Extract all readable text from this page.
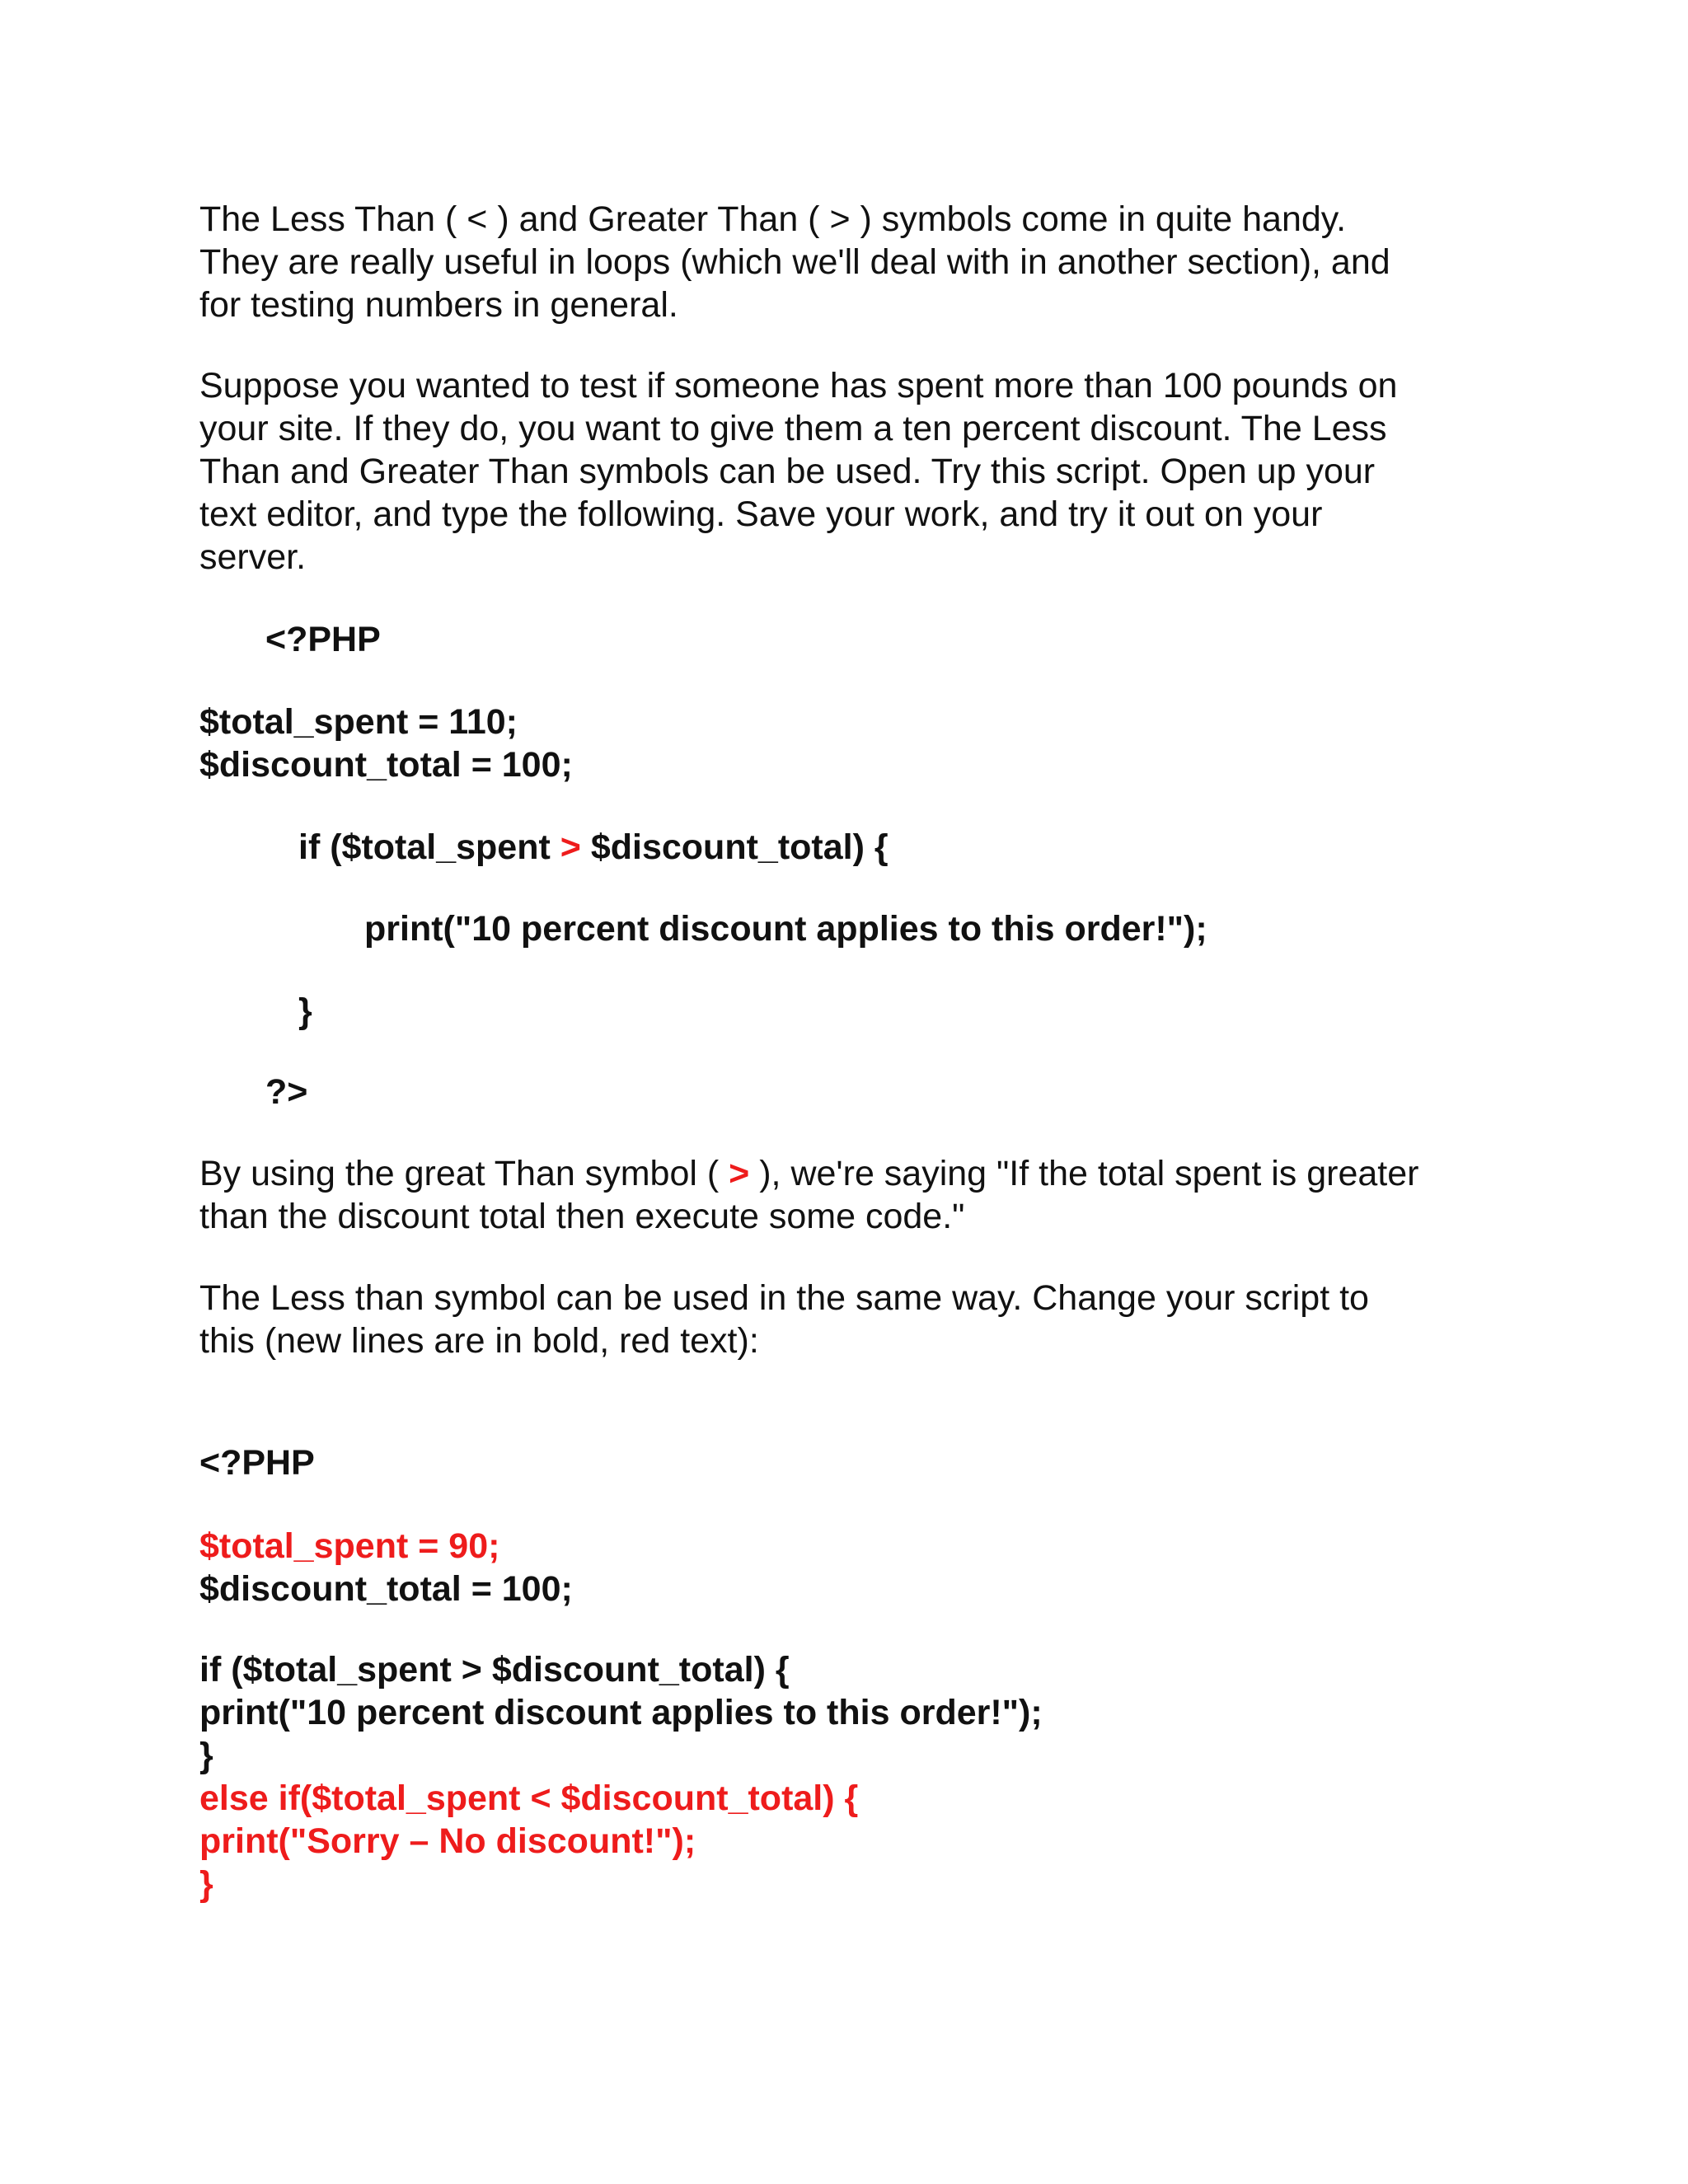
The Less Than ( < ) and Greater Than ( > ) symbols come in quite handy.
They are really useful in loops (which we'll deal with in another section), and
for testing numbers in general.

Suppose you wanted to test if someone has spent more than 100 pounds on
your site. If they do, you want to give them a ten percent discount. The Less
Than and Greater Than symbols can be used. Try this script. Open up your
text editor, and type the following. Save your work, and try it out on your
server.

<?PHP
$total_spent = 110;
$discount_total = 100;
if ($total_spent > $discount_total) {
print("10 percent discount applies to this order!");
}
?>

By using the great Than symbol ( > ), we're saying "If the total spent is greater
than the discount total then execute some code."

The Less than symbol can be used in the same way. Change your script to
this (new lines are in bold, red text):

<?PHP
$total_spent = 90;
$discount_total = 100;
if ($total_spent > $discount_total) {
print("10 percent discount applies to this order!");
}
else if($total_spent < $discount_total) {
print("Sorry – No discount!");
}
